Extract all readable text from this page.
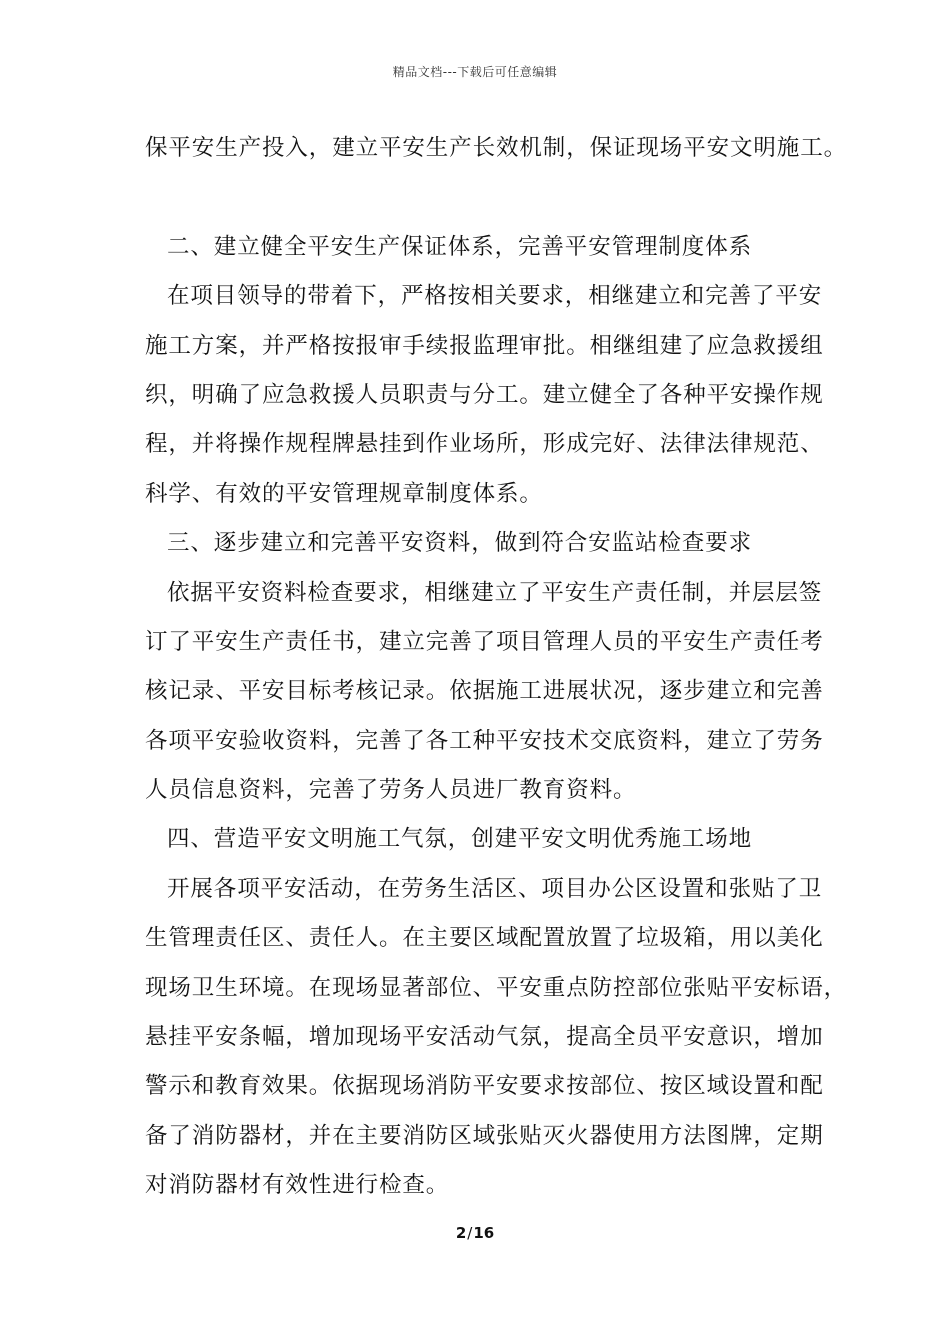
精品文档---下载后可任意编辑
保平安生产投入，建立平安生产长效机制，保证现场平安文明施工。
二、建立健全平安生产保证体系，完善平安管理制度体系
在项目领导的带着下，严格按相关要求，相继建立和完善了平安
施工方案，并严格按报审手续报监理审批。相继组建了应急救援组
织，明确了应急救援人员职责与分工。建立健全了各种平安操作规
程，并将操作规程牌悬挂到作业场所，形成完好、法律法律规范、
科学、有效的平安管理规章制度体系。
三、逐步建立和完善平安资料，做到符合安监站检查要求
依据平安资料检查要求，相继建立了平安生产责任制，并层层签
订了平安生产责任书，建立完善了项目管理人员的平安生产责任考
核记录、平安目标考核记录。依据施工进展状况，逐步建立和完善
各项平安验收资料，完善了各工种平安技术交底资料，建立了劳务
人员信息资料，完善了劳务人员进厂教育资料。
四、营造平安文明施工气氛，创建平安文明优秀施工场地
开展各项平安活动，在劳务生活区、项目办公区设置和张贴了卫
生管理责任区、责任人。在主要区域配置放置了垃圾箱，用以美化
现场卫生环境。在现场显著部位、平安重点防控部位张贴平安标语，
悬挂平安条幅，增加现场平安活动气氛，提高全员平安意识，增加
警示和教育效果。依据现场消防平安要求按部位、按区域设置和配
备了消防器材，并在主要消防区域张贴灭火器使用方法图牌，定期
对消防器材有效性进行检查。
2/16
